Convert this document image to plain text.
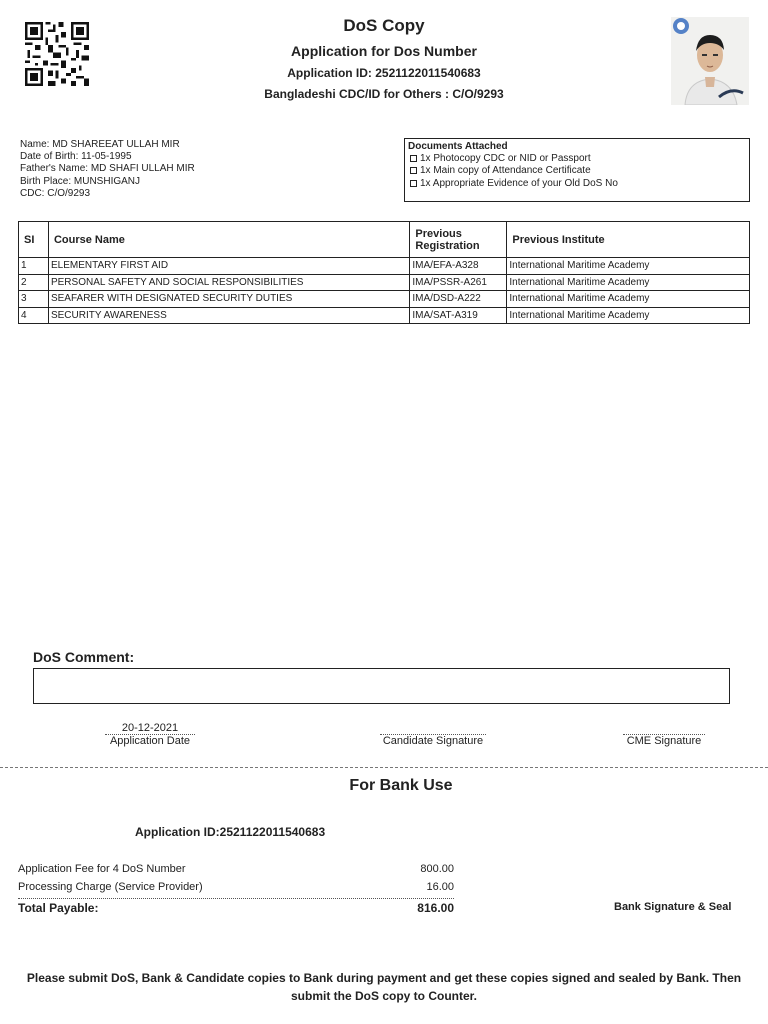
DoS Copy
Application for Dos Number
Application ID: 2521122011540683
Bangladeshi CDC/ID for Others : C/O/9293
Name: MD SHAREEAT ULLAH MIR
Date of Birth: 11-05-1995
Father's Name: MD SHAFI ULLAH MIR
Birth Place: MUNSHIGANJ
CDC: C/O/9293
Documents Attached
1x Photocopy CDC or NID or Passport
1x Main copy of Attendance Certificate
1x Appropriate Evidence of your Old DoS No
SI	Course Name	Previous Registration	Previous Institute
1	ELEMENTARY FIRST AID	IMA/EFA-A328	International Maritime Academy
2	PERSONAL SAFETY AND SOCIAL RESPONSIBILITIES	IMA/PSSR-A261	International Maritime Academy
3	SEAFARER WITH DESIGNATED SECURITY DUTIES	IMA/DSD-A222	International Maritime Academy
4	SECURITY AWARENESS	IMA/SAT-A319	International Maritime Academy
DoS Comment:
20-12-2021
Application Date	Candidate Signature	CME Signature
For Bank Use
Application ID:2521122011540683
Application Fee for 4 DoS Number	800.00
Processing Charge (Service Provider)	16.00
Total Payable:	816.00	Bank Signature & Seal
Please submit DoS, Bank & Candidate copies to Bank during payment and get these copies signed and sealed by Bank. Then submit the DoS copy to Counter.
